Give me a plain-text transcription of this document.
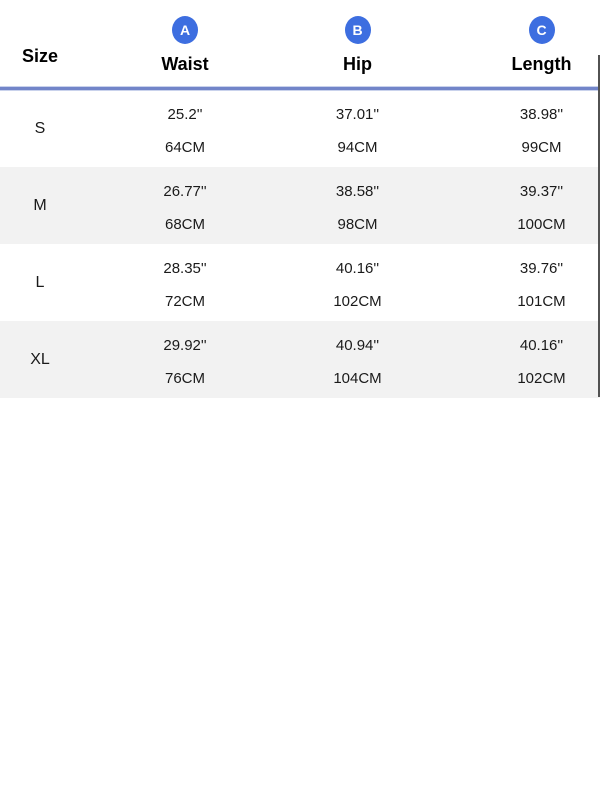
Size
A
Waist
B
Hip
C
Length
S
25.2''
64CM
37.01''
94CM
38.98''
99CM
M
26.77''
68CM
38.58''
98CM
39.37''
100CM
L
28.35''
72CM
40.16''
102CM
39.76''
101CM
XL
29.92''
76CM
40.94''
104CM
40.16''
102CM
